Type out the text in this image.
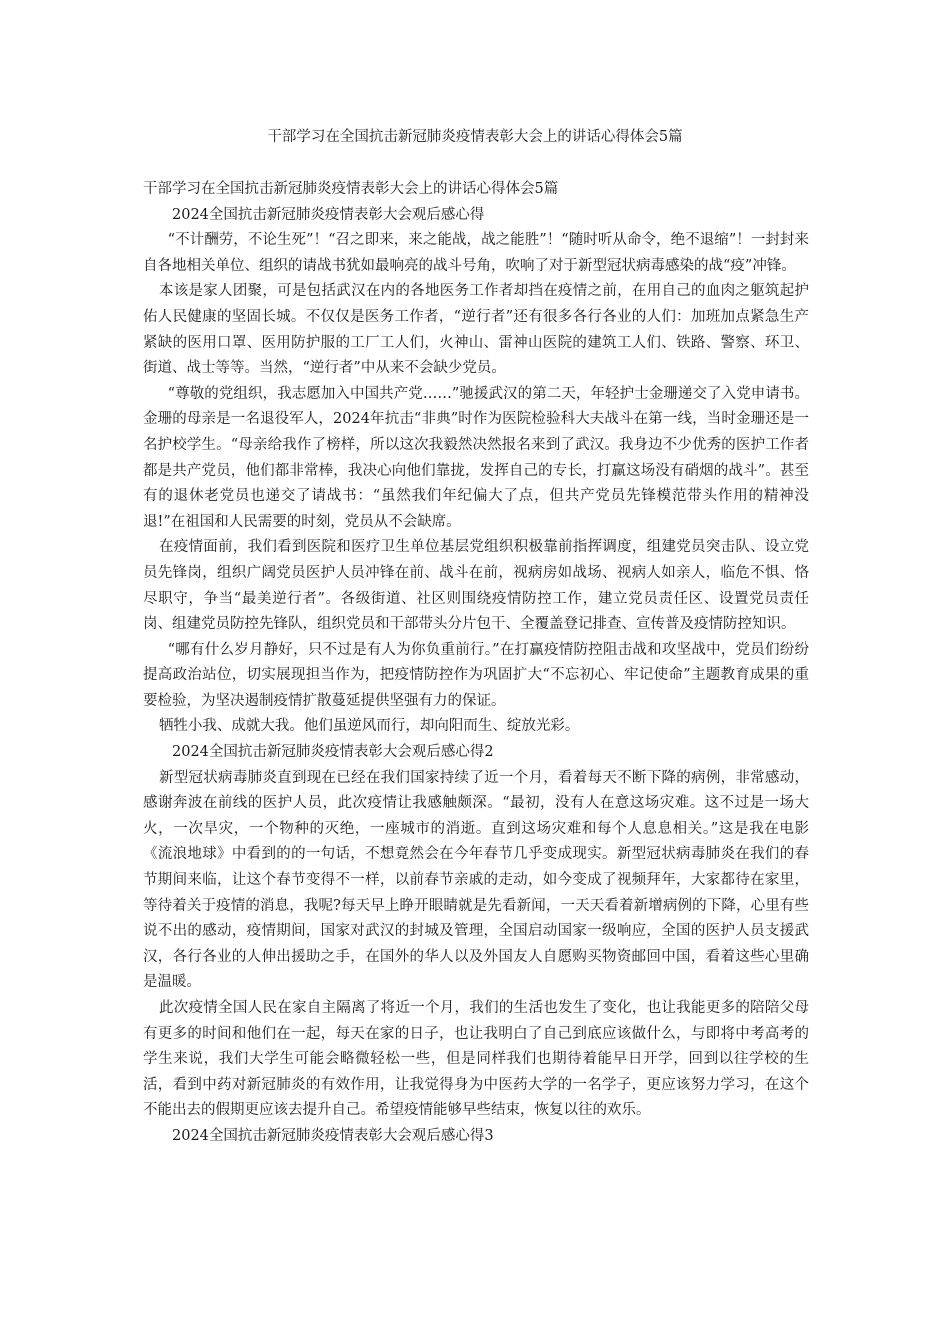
干部学习在全国抗击新冠肺炎疫情表彰大会上的讲话心得体会5篇

干部学习在全国抗击新冠肺炎疫情表彰大会上的讲话心得体会5篇

2024全国抗击新冠肺炎疫情表彰大会观后感心得

“不计酬劳，不论生死”！“召之即来，来之能战，战之能胜”！“随时听从命令，绝不退缩”！一封封来自各地相关单位、组织的请战书犹如最响亮的战斗号角，吹响了对于新型冠状病毒感染的战“疫”冲锋。

本该是家人团聚，可是包括武汉在内的各地医务工作者却挡在疫情之前，在用自己的血肉之躯筑起护佑人民健康的坚固长城。不仅仅是医务工作者，“逆行者”还有很多各行各业的人们：加班加点紧急生产紧缺的医用口罩、医用防护服的工厂工人们，火神山、雷神山医院的建筑工人们、铁路、警察、环卫、街道、战士等等。当然，“逆行者”中从来不会缺少党员。

“尊敬的党组织，我志愿加入中国共产党……”驰援武汉的第二天，年轻护士金珊递交了入党申请书。金珊的母亲是一名退役军人，2024年抗击“非典”时作为医院检验科大夫战斗在第一线，当时金珊还是一名护校学生。“母亲给我作了榜样，所以这次我毅然决然报名来到了武汉。我身边不少优秀的医护工作者都是共产党员，他们都非常棒，我决心向他们靠拢，发挥自己的专长，打赢这场没有硝烟的战斗”。甚至有的退休老党员也递交了请战书：“虽然我们年纪偏大了点，但共产党员先锋模范带头作用的精神没退!”在祖国和人民需要的时刻，党员从不会缺席。

在疫情面前，我们看到医院和医疗卫生单位基层党组织积极靠前指挥调度，组建党员突击队、设立党员先锋岗，组织广阔党员医护人员冲锋在前、战斗在前，视病房如战场、视病人如亲人，临危不惧、恪尽职守，争当“最美逆行者”。各级街道、社区则围绕疫情防控工作，建立党员责任区、设置党员责任岗、组建党员防控先锋队，组织党员和干部带头分片包干、全覆盖登记排查、宣传普及疫情防控知识。

“哪有什么岁月静好，只不过是有人为你负重前行。”在打赢疫情防控阻击战和攻坚战中，党员们纷纷提高政治站位，切实展现担当作为，把疫情防控作为巩固扩大“不忘初心、牢记使命”主题教育成果的重要检验，为坚决遏制疫情扩散蔓延提供坚强有力的保证。

牺牲小我、成就大我。他们虽逆风而行，却向阳而生、绽放光彩。

2024全国抗击新冠肺炎疫情表彰大会观后感心得2

新型冠状病毒肺炎直到现在已经在我们国家持续了近一个月，看着每天不断下降的病例，非常感动，感谢奔波在前线的医护人员，此次疫情让我感触颇深。“最初，没有人在意这场灾难。这不过是一场大火，一次旱灾，一个物种的灭绝，一座城市的消逝。直到这场灾难和每个人息息相关。”这是我在电影《流浪地球》中看到的的一句话，不想竟然会在今年春节几乎变成现实。新型冠状病毒肺炎在我们的春节期间来临，让这个春节变得不一样，以前春节亲戚的走动，如今变成了视频拜年，大家都待在家里，等待着关于疫情的消息，我呢?每天早上睁开眼睛就是先看新闻，一天天看着新增病例的下降，心里有些说不出的感动，疫情期间，国家对武汉的封城及管理，全国启动国家一级响应，全国的医护人员支援武汉，各行各业的人伸出援助之手，在国外的华人以及外国友人自愿购买物资邮回中国，看着这些心里确是温暖。

此次疫情全国人民在家自主隔离了将近一个月，我们的生活也发生了变化，也让我能更多的陪陪父母有更多的时间和他们在一起，每天在家的日子，也让我明白了自己到底应该做什么，与即将中考高考的学生来说，我们大学生可能会略微轻松一些，但是同样我们也期待着能早日开学，回到以往学校的生活，看到中药对新冠肺炎的有效作用，让我觉得身为中医药大学的一名学子，更应该努力学习，在这个不能出去的假期更应该去提升自己。希望疫情能够早些结束，恢复以往的欢乐。

2024全国抗击新冠肺炎疫情表彰大会观后感心得3
